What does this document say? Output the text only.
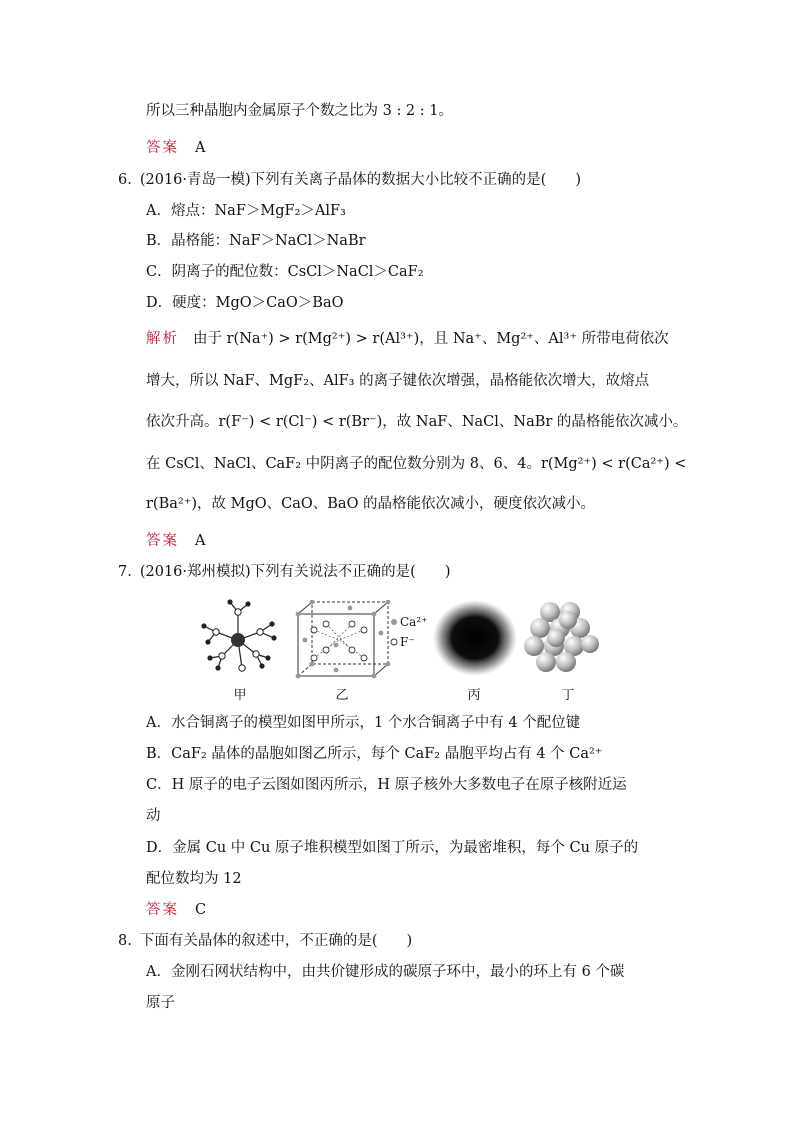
所以三种晶胞内金属原子个数之比为 3 : 2 : 1。
答案 A
6. (2016·青岛一模)下列有关离子晶体的数据大小比较不正确的是(　　)
A．熔点：NaF＞MgF₂＞AlF₃
B．晶格能：NaF＞NaCl＞NaBr
C．阴离子的配位数：CsCl＞NaCl＞CaF₂
D．硬度：MgO＞CaO＞BaO
解析 由于 r(Na⁺) > r(Mg²⁺) > r(Al³⁺)，且 Na⁺、Mg²⁺、Al³⁺ 所带电荷依次
增大，所以 NaF、MgF₂、AlF₃ 的离子键依次增强，晶格能依次增大，故熔点
依次升高。r(F⁻) < r(Cl⁻) < r(Br⁻)，故 NaF、NaCl、NaBr 的晶格能依次减小。
在 CsCl、NaCl、CaF₂ 中阴离子的配位数分别为 8、6、4。r(Mg²⁺) < r(Ca²⁺) <
r(Ba²⁺)，故 MgO、CaO、BaO 的晶格能依次减小，硬度依次减小。
答案 A
7. (2016·郑州模拟)下列有关说法不正确的是(　　)
甲
Ca²⁺
F⁻
乙	丙	丁
A．水合铜离子的模型如图甲所示，1 个水合铜离子中有 4 个配位键
B．CaF₂ 晶体的晶胞如图乙所示，每个 CaF₂ 晶胞平均占有 4 个 Ca²⁺
C．H 原子的电子云图如图丙所示，H 原子核外大多数电子在原子核附近运
动
D．金属 Cu 中 Cu 原子堆积模型如图丁所示，为最密堆积，每个 Cu 原子的
配位数均为 12
答案 C
8. 下面有关晶体的叙述中，不正确的是(　　)
A．金刚石网状结构中，由共价键形成的碳原子环中，最小的环上有 6 个碳
原子
